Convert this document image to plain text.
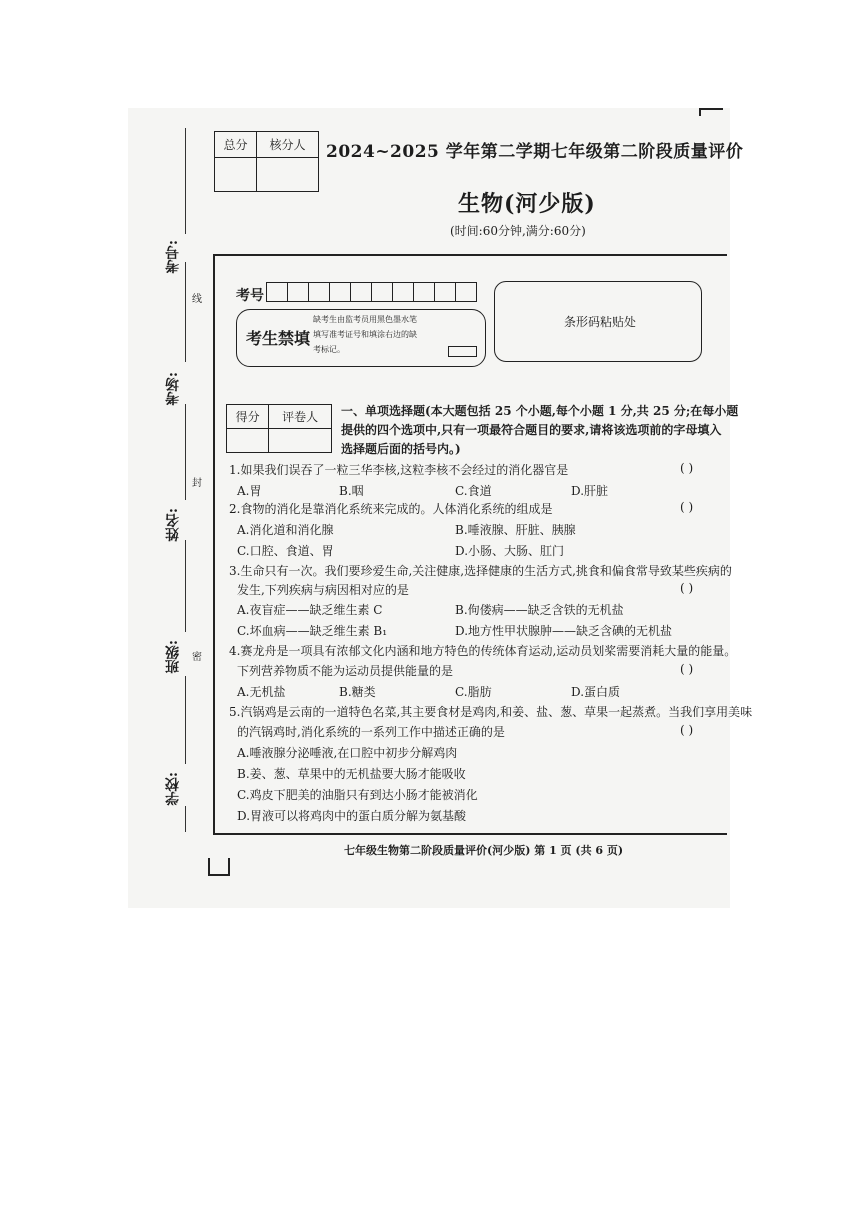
考号:
考场:
姓名:
班级:
学校:
线
封
密
总分	核分人
	2024~2025 学年第二学期七年级第二阶段质量评价
生物(河少版)
(时间:60分钟,满分:60分)
考号
考生禁填
缺考生由监考员用黑色墨水笔
填写准考证号和填涂右边的缺
考标记。
条形码粘贴处
得分	评卷人
	一、单项选择题(本大题包括 25 个小题,每个小题 1 分,共 25 分;在每小题
提供的四个选项中,只有一项最符合题目的要求,请将该选项前的字母填入
选择题后面的括号内。)
1.如果我们误吞了一粒三华李核,这粒李核不会经过的消化器官是	( )
A.胃	B.咽	C.食道	D.肝脏
2.食物的消化是靠消化系统来完成的。人体消化系统的组成是	( )
A.消化道和消化腺	B.唾液腺、肝脏、胰腺
C.口腔、食道、胃	D.小肠、大肠、肛门
3.生命只有一次。我们要珍爱生命,关注健康,选择健康的生活方式,挑食和偏食常导致某些疾病的
发生,下列疾病与病因相对应的是	( )
A.夜盲症——缺乏维生素 C	B.佝偻病——缺乏含铁的无机盐
C.坏血病——缺乏维生素 B₁	D.地方性甲状腺肿——缺乏含碘的无机盐
4.赛龙舟是一项具有浓郁文化内涵和地方特色的传统体育运动,运动员划桨需要消耗大量的能量。
下列营养物质不能为运动员提供能量的是	( )
A.无机盐	B.糖类	C.脂肪	D.蛋白质
5.汽锅鸡是云南的一道特色名菜,其主要食材是鸡肉,和姜、盐、葱、草果一起蒸煮。当我们享用美味
的汽锅鸡时,消化系统的一系列工作中描述正确的是	( )
A.唾液腺分泌唾液,在口腔中初步分解鸡肉
B.姜、葱、草果中的无机盐要大肠才能吸收
C.鸡皮下肥美的油脂只有到达小肠才能被消化
D.胃液可以将鸡肉中的蛋白质分解为氨基酸
七年级生物第二阶段质量评价(河少版) 第 1 页 (共 6 页)
